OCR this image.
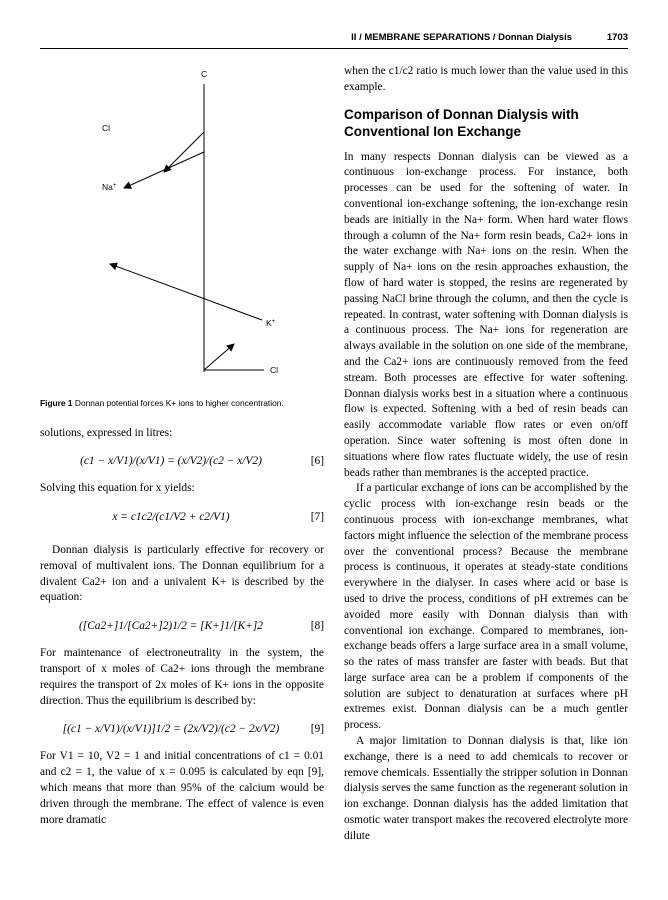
II / MEMBRANE SEPARATIONS / Donnan Dialysis	1703
C
Cl
Na+
K+
Cl
Figure 1 Donnan potential forces K+ ions to higher concentration.

solutions, expressed in litres:

(c1 − x/V1)/(x/V1) = (x/V2)/(c2 − x/V2)	[6]

Solving this equation for x yields:

x = c1c2/(c1/V2 + c2/V1)	[7]

Donnan dialysis is particularly effective for recovery or removal of multivalent ions. The Donnan equilibrium for a divalent Ca2+ ion and a univalent K+ is described by the equation:

([Ca2+]1/[Ca2+]2)1/2 = [K+]1/[K+]2	[8]

For maintenance of electroneutrality in the system, the transport of x moles of Ca2+ ions through the membrane requires the transport of 2x moles of K+ ions in the opposite direction. Thus the equilibrium is described by:

[(c1 − x/V1)/(x/V1)]1/2 = (2x/V2)/(c2 − 2x/V2)	[9]

For V1 = 10, V2 = 1 and initial concentrations of c1 = 0.01 and c2 = 1, the value of x = 0.095 is calculated by eqn [9], which means that more than 95% of the calcium would be driven through the membrane. The effect of valence is even more dramatic

when the c1/c2 ratio is much lower than the value used in this example.

Comparison of Donnan Dialysis with Conventional Ion Exchange

In many respects Donnan dialysis can be viewed as a continuous ion-exchange process. For instance, both processes can be used for the softening of water. In conventional ion-exchange softening, the ion-exchange resin beads are initially in the Na+ form. When hard water flows through a column of the Na+ form resin beads, Ca2+ ions in the water exchange with Na+ ions on the resin. When the supply of Na+ ions on the resin approaches exhaustion, the flow of hard water is stopped, the resins are regenerated by passing NaCl brine through the column, and then the cycle is repeated. In contrast, water softening with Donnan dialysis is a continuous process. The Na+ ions for regeneration are always available in the solution on one side of the membrane, and the Ca2+ ions are continuously removed from the feed stream. Both processes are effective for water softening. Donnan dialysis works best in a situation where a continuous flow is expected. Softening with a bed of resin beads can easily accommodate variable flow rates or even on/off operation. Since water softening is most often done in situations where flow rates fluctuate widely, the use of resin beads rather than membranes is the accepted practice.

If a particular exchange of ions can be accomplished by the cyclic process with ion-exchange resin beads or the continuous process with ion-exchange membranes, what factors might influence the selection of the membrane process over the conventional process? Because the membrane process is continuous, it operates at steady-state conditions everywhere in the dialyser. In cases where acid or base is used to drive the process, conditions of pH extremes can be avoided more easily with Donnan dialysis than with conventional ion exchange. Compared to membranes, ion-exchange beads offers a large surface area in a small volume, so the rates of mass transfer are faster with beads. But that large surface area can be a problem if components of the solution are subject to denaturation at surfaces where pH extremes exist. Donnan dialysis can be a much gentler process.

A major limitation to Donnan dialysis is that, like ion exchange, there is a need to add chemicals to recover or remove chemicals. Essentially the stripper solution in Donnan dialysis serves the same function as the regenerant solution in ion exchange. Donnan dialysis has the added limitation that osmotic water transport makes the recovered electrolyte more dilute
